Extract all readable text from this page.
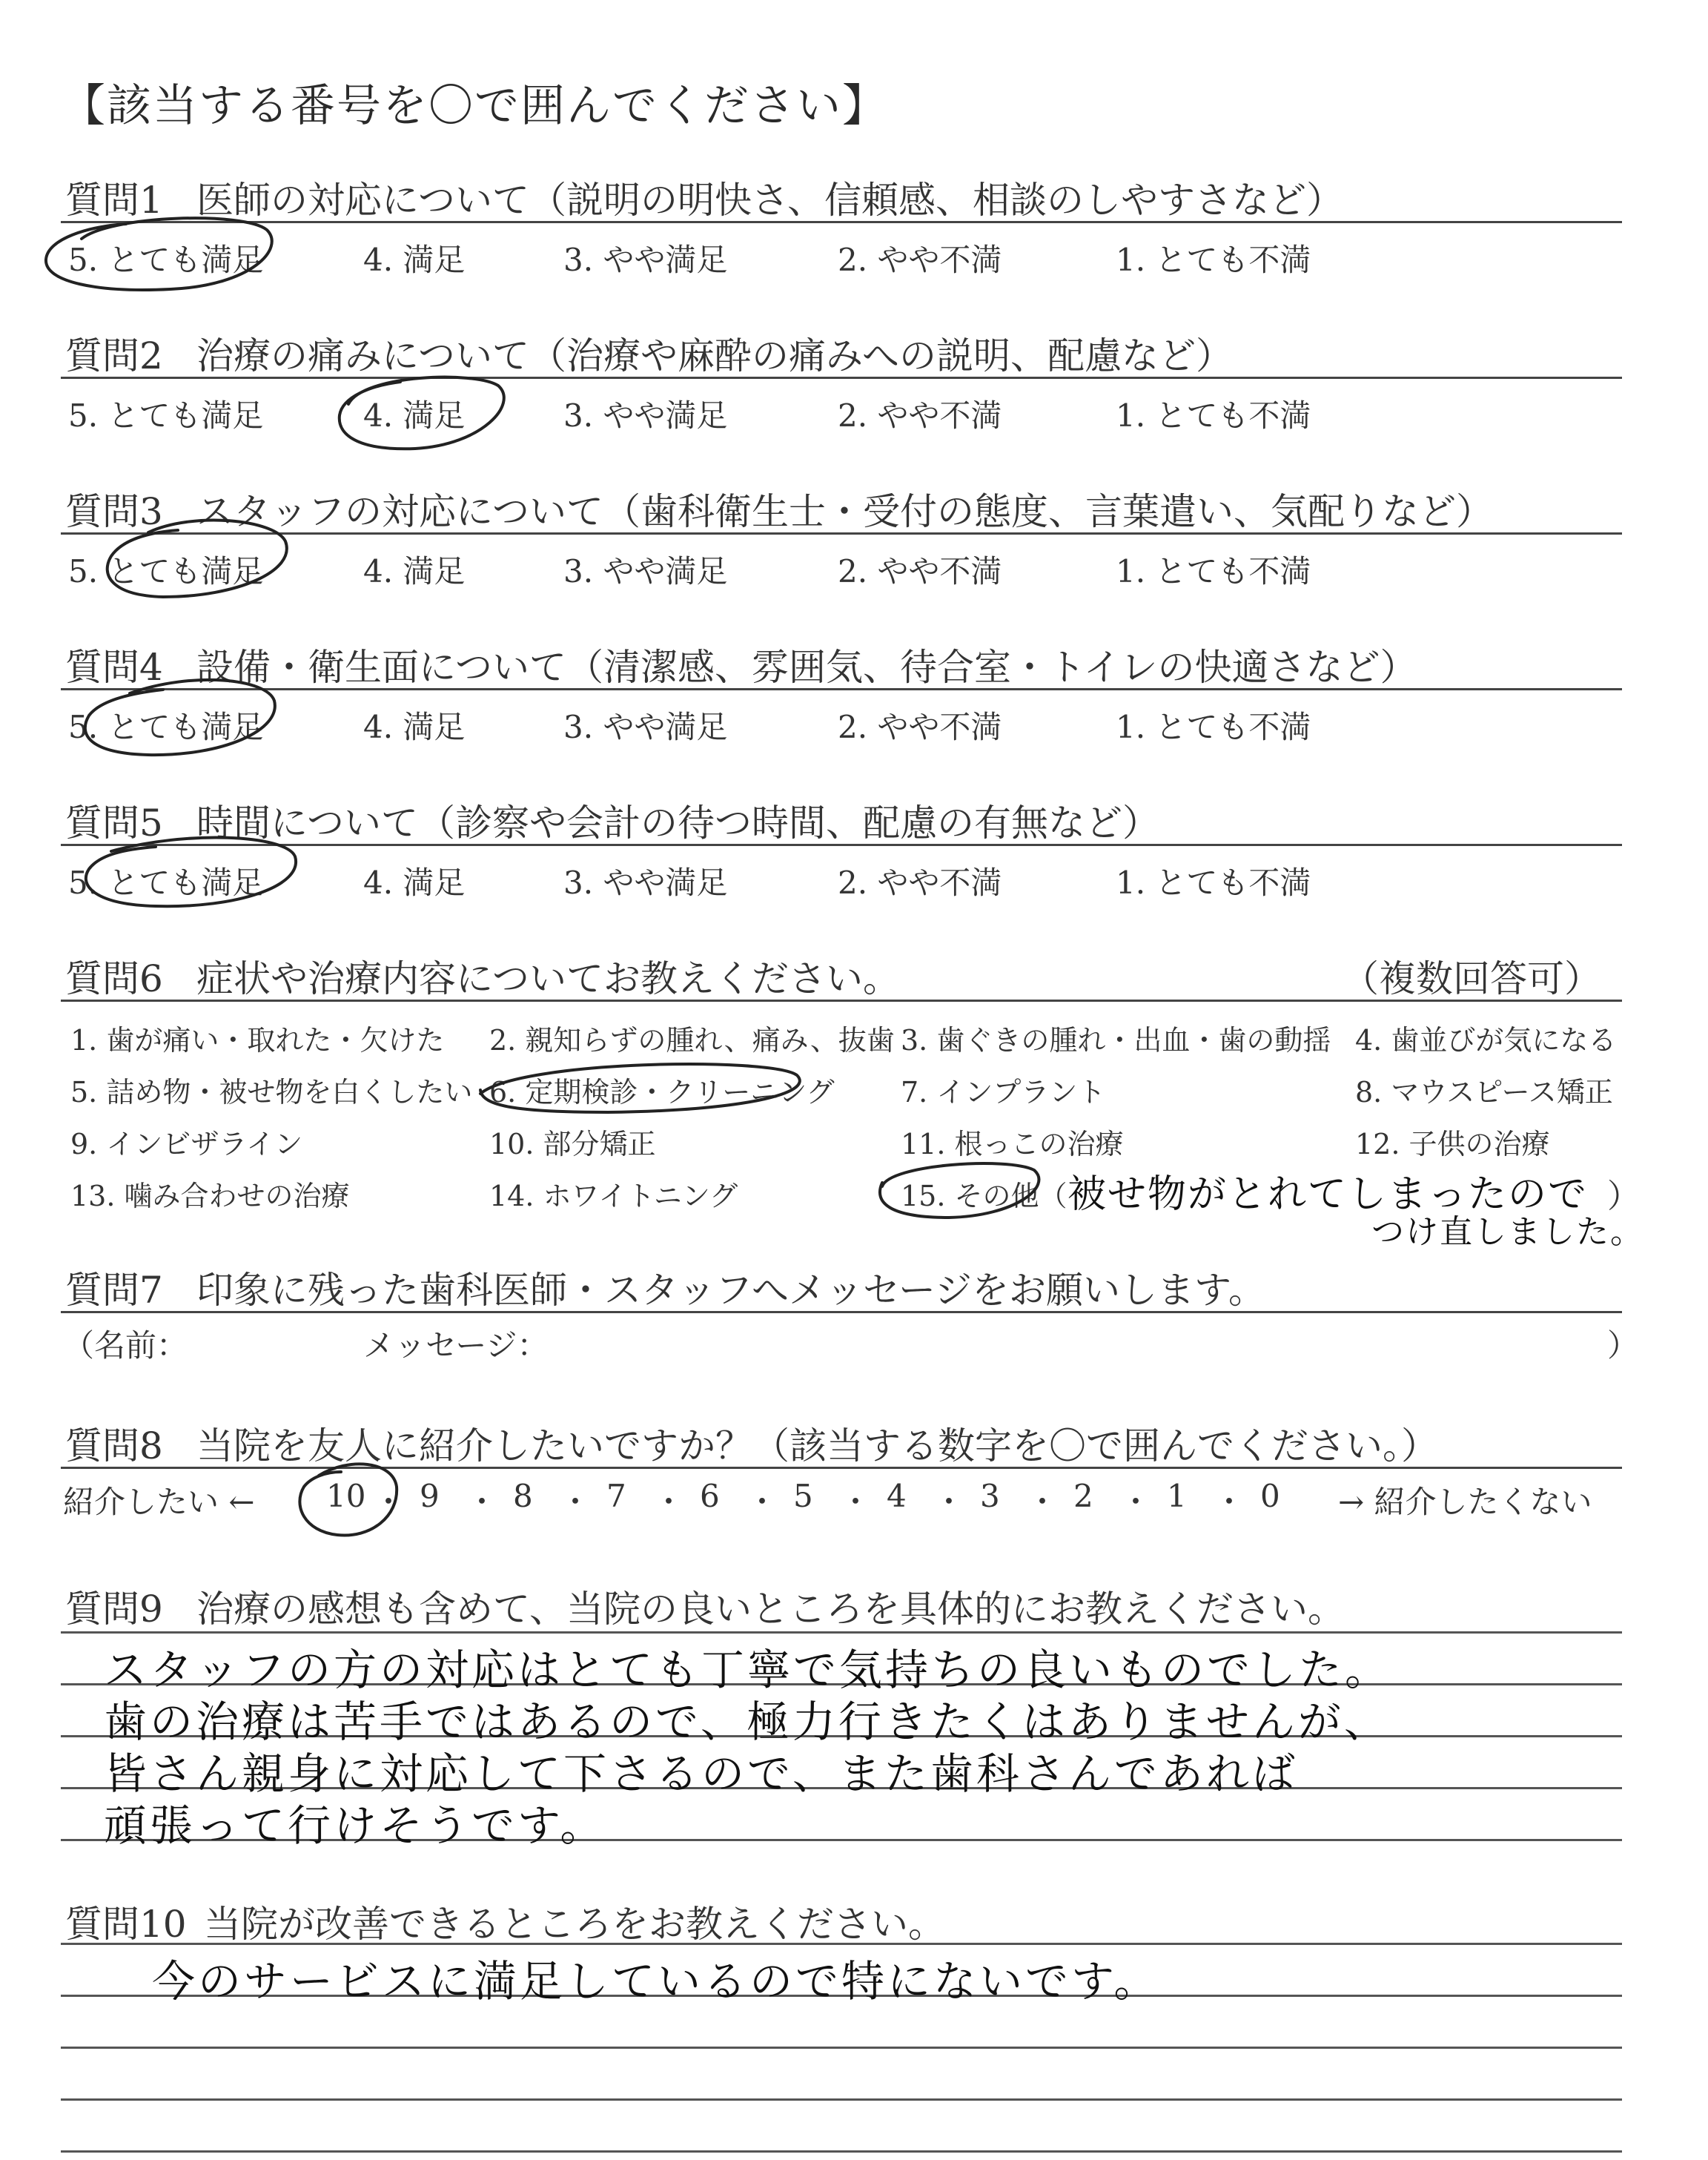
【該当する番号を〇で囲んでください】
質問1 医師の対応について（説明の明快さ、信頼感、相談のしやすさなど）
5. とても満足	4. 満足	3. やや満足	2. やや不満	1. とても不満
質問2 治療の痛みについて（治療や麻酔の痛みへの説明、配慮など）
5. とても満足	4. 満足	3. やや満足	2. やや不満	1. とても不満
質問3 スタッフの対応について（歯科衛生士・受付の態度、言葉遣い、気配りなど）
5. とても満足	4. 満足	3. やや満足	2. やや不満	1. とても不満
質問4 設備・衛生面について（清潔感、雰囲気、待合室・トイレの快適さなど）
5. とても満足	4. 満足	3. やや満足	2. やや不満	1. とても不満
質問5 時間について（診察や会計の待つ時間、配慮の有無など）
5. とても満足	4. 満足	3. やや満足	2. やや不満	1. とても不満
質問6 症状や治療内容についてお教えください。	（複数回答可）
1. 歯が痛い・取れた・欠けた 2. 親知らずの腫れ、痛み、抜歯 3. 歯ぐきの腫れ・出血・歯の動揺 4. 歯並びが気になる
5. 詰め物・被せ物を白くしたい 6. 定期検診・クリーニング 7. インプラント	8. マウスピース矯正
9. インビザライン	10. 部分矯正	11. 根っこの治療	12. 子供の治療
13. 噛み合わせの治療	14. ホワイトニング	15. その他（ 被せ物がとれてしまったので ）
つけ直しました。
質問7 印象に残った歯科医師・スタッフへメッセージをお願いします。
（名前：	メッセージ：	）
質問8 当院を友人に紹介したいですか？（該当する数字を〇で囲んでください。）
紹介したい ←	→ 紹介したくない
10 ・ 9 ・ 8 ・ 7 ・ 6 ・ 5 ・ 4 ・ 3 ・ 2 ・ 1 ・ 0
質問9 治療の感想も含めて、当院の良いところを具体的にお教えください。
スタッフの方の対応はとても丁寧で気持ちの良いものでした。
歯の治療は苦手ではあるので、極力行きたくはありませんが、
皆さん親身に対応して下さるので、また歯科さんであれば
頑張って行けそうです。
質問10 当院が改善できるところをお教えください。
今のサービスに満足しているので特にないです。
